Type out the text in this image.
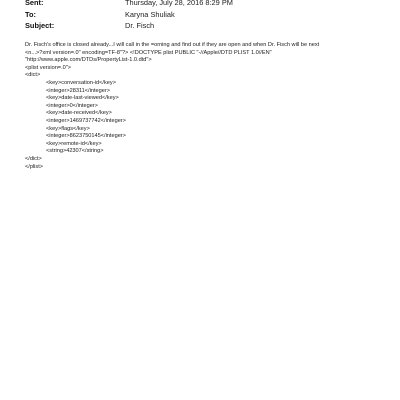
Sent:	Thursday, July 28, 2016 8:29 PM
To:	Karyna Shuliak
Subject:	Dr. Fisch
Dr. Fisch's office is closed already...I will call in the =orning and find out if they are open and when Dr. Fisch will be next
<n...>?xml version=.0" encoding=TF-8"?> <!DOCTYPE plist PUBLIC "-//Apple//DTD PLIST 1.0//EN"
"http://www.apple.com/DTDs/PropertyList-1.0.dtd">
<plist version=.0">
<dict>
<key>conversation-id</key>
<integer>28311</integer>
<key>date-last-viewed</key>
<integer>0</integer>
<key>date-received</key>
<integer>1469737742</integer>
<key>flags</key>
<integer>8623750145</integer>
<key>remote-id</key>
<string>42307</string>
</dict>
</plist>
